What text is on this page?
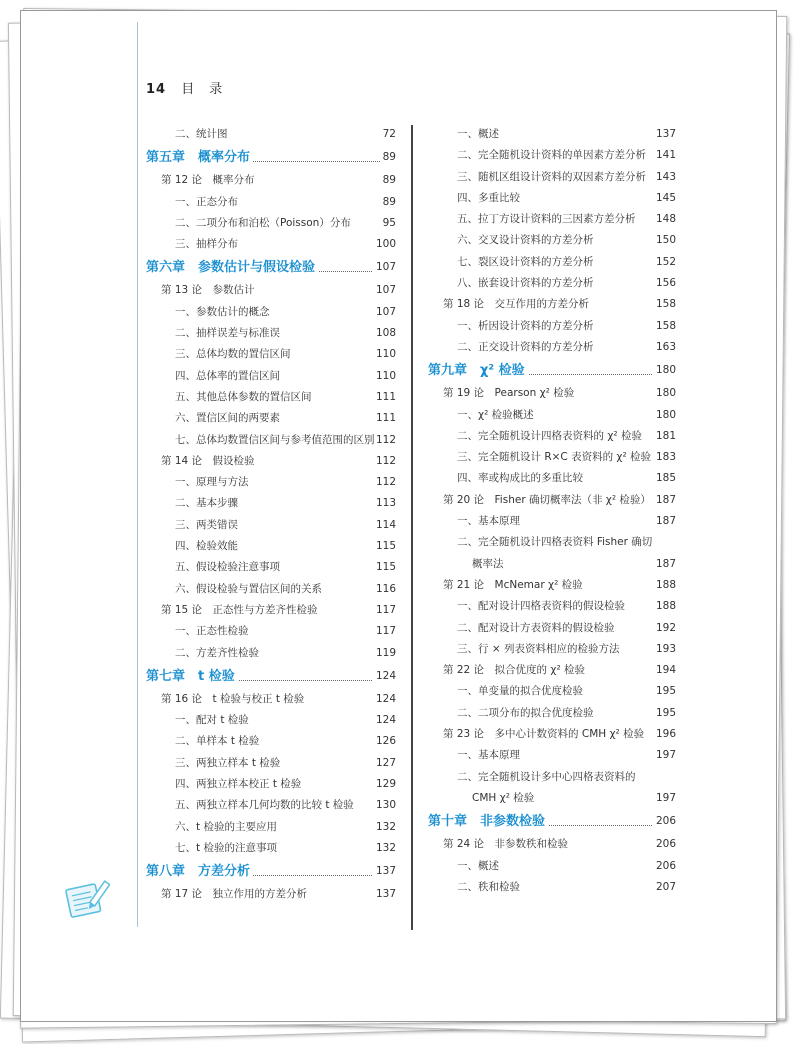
14 目　录
二、统计图	72
第五章　概率分布	89
第 12 论　概率分布	89
一、正态分布	89
二、二项分布和泊松（Poisson）分布	95
三、抽样分布	100
第六章　参数估计与假设检验	107
第 13 论　参数估计	107
一、参数估计的概念	107
二、抽样误差与标准误	108
三、总体均数的置信区间	110
四、总体率的置信区间	110
五、其他总体参数的置信区间	111
六、置信区间的两要素	111
七、总体均数置信区间与参考值范围的区别 112
第 14 论　假设检验	112
一、原理与方法	112
二、基本步骤	113
三、两类错误	114
四、检验效能	115
五、假设检验注意事项	115
六、假设检验与置信区间的关系	116
第 15 论　正态性与方差齐性检验	117
一、正态性检验	117
二、方差齐性检验	119
第七章　t 检验	124
第 16 论　t 检验与校正 t 检验	124
一、配对 t 检验	124
二、单样本 t 检验	126
三、两独立样本 t 检验	127
四、两独立样本校正 t 检验	129
五、两独立样本几何均数的比较 t 检验 130
六、t 检验的主要应用	132
七、t 检验的注意事项	132
第八章　方差分析	137
第 17 论　独立作用的方差分析	137
一、概述	137
二、完全随机设计资料的单因素方差分析 141
三、随机区组设计资料的双因素方差分析 143
四、多重比较	145
五、拉丁方设计资料的三因素方差分析 148
六、交叉设计资料的方差分析	150
七、裂区设计资料的方差分析	152
八、嵌套设计资料的方差分析	156
第 18 论　交互作用的方差分析	158
一、析因设计资料的方差分析	158
二、正交设计资料的方差分析	163
第九章　χ² 检验	180
第 19 论　Pearson χ² 检验	180
一、χ² 检验概述	180
二、完全随机设计四格表资料的 χ² 检验 181
三、完全随机设计 R×C 表资料的 χ² 检验 183
四、率或构成比的多重比较	185
第 20 论　Fisher 确切概率法（非 χ² 检验） 187
一、基本原理	187
二、完全随机设计四格表资料 Fisher 确切
概率法	187
第 21 论　McNemar χ² 检验	188
一、配对设计四格表资料的假设检验	188
二、配对设计方表资料的假设检验	192
三、行 × 列表资料相应的检验方法	193
第 22 论　拟合优度的 χ² 检验	194
一、单变量的拟合优度检验	195
二、二项分布的拟合优度检验	195
第 23 论　多中心计数资料的 CMH χ² 检验 196
一、基本原理	197
二、完全随机设计多中心四格表资料的
CMH χ² 检验	197
第十章　非参数检验	206
第 24 论　非参数秩和检验	206
一、概述	206
二、秩和检验	207
